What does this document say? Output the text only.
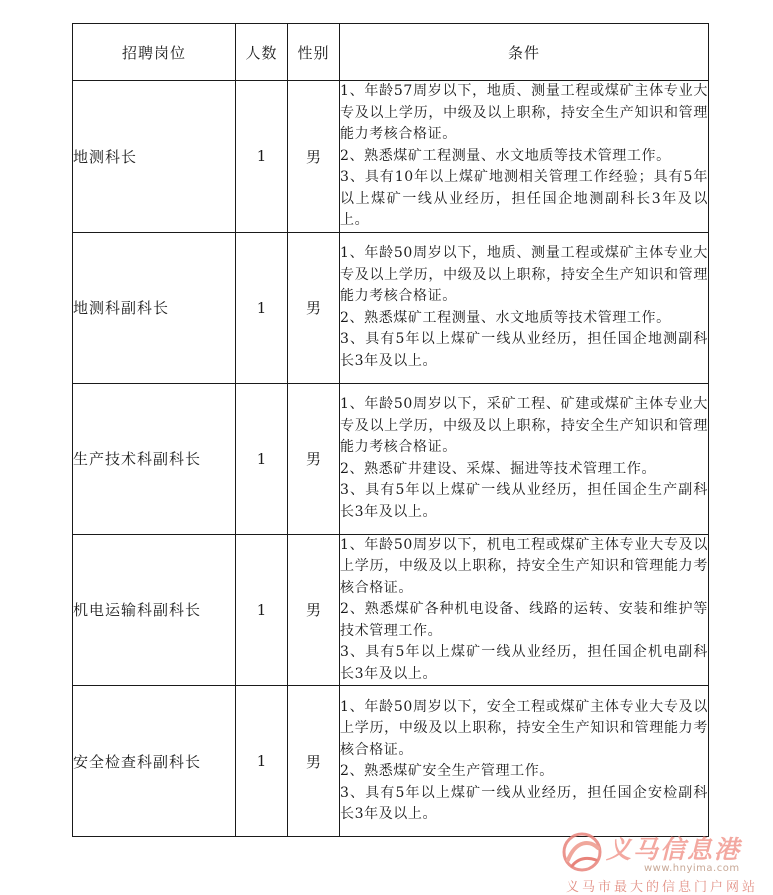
招聘岗位	人数	性别	条件
地测科长	1	男	1、年龄57周岁以下，地质、测量工程或煤矿主体专业大专及以上学历，中级及以上职称，持安全生产知识和管理能力考核合格证。
2、熟悉煤矿工程测量、水文地质等技术管理工作。
3、具有10年以上煤矿地测相关管理工作经验；具有5年以上煤矿一线从业经历，担任国企地测副科长3年及以上。

地测科副科长	1	男	1、年龄50周岁以下，地质、测量工程或煤矿主体专业大专及以上学历，中级及以上职称，持安全生产知识和管理能力考核合格证。
2、熟悉煤矿工程测量、水文地质等技术管理工作。
3、具有5年以上煤矿一线从业经历，担任国企地测副科长3年及以上。

生产技术科副科长	1	男	1、年龄50周岁以下，采矿工程、矿建或煤矿主体专业大专及以上学历，中级及以上职称，持安全生产知识和管理能力考核合格证。
2、熟悉矿井建设、采煤、掘进等技术管理工作。
3、具有5年以上煤矿一线从业经历，担任国企生产副科长3年及以上。

机电运输科副科长	1	男	1、年龄50周岁以下，机电工程或煤矿主体专业大专及以上学历，中级及以上职称，持安全生产知识和管理能力考核合格证。
2、熟悉煤矿各种机电设备、线路的运转、安装和维护等技术管理工作。
3、具有5年以上煤矿一线从业经历，担任国企机电副科长3年及以上。

安全检查科副科长	1	男	1、年龄50周岁以下，安全工程或煤矿主体专业大专及以上学历，中级及以上职称，持安全生产知识和管理能力考核合格证。
2、熟悉煤矿安全生产管理工作。
3、具有5年以上煤矿一线从业经历，担任国企安检副科长3年及以上。
义马信息港
www.hnyima.com
义马市最大的信息门户网站
